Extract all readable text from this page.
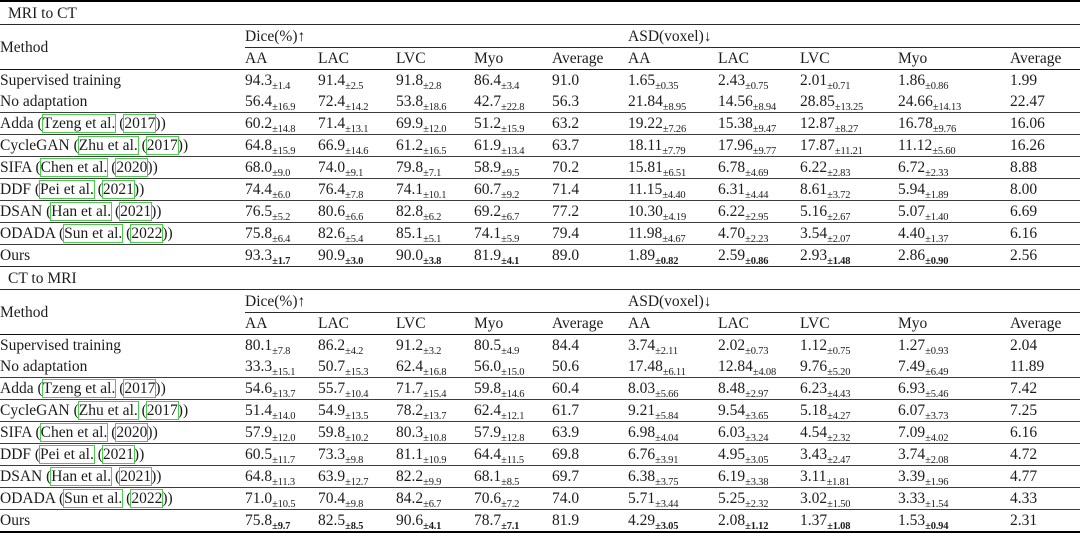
MRI to CT										
Method	Dice(%)↑					ASD(voxel)↓				
	AA	LAC	LVC	Myo	Average	AA	LAC	LVC	Myo	Average
Supervised training	$94.3_{\pm 1.4}$	$91.4_{\pm 2.5}$	$91.8_{\pm 2.8}$	$86.4_{\pm 3.4}$	91.0	$1.65_{\pm 0.35}$	$2.43_{\pm 0.75}$	$2.01_{\pm 0.71}$	$1.86_{\pm 0.86}$	1.99
No adaptation	$56.4_{\pm 16.9}$	$72.4_{\pm 14.2}$	$53.8_{\pm 18.6}$	$42.7_{\pm 22.8}$	56.3	$21.84_{\pm 8.95}$	$14.56_{\pm 8.94}$	$28.85_{\pm 13.25}$	$24.66_{\pm 14.13}$	22.47
Adda (Tzeng et al. (2017))	$60.2_{\pm 14.8}$	$71.4_{\pm 13.1}$	$69.9_{\pm 12.0}$	$51.2_{\pm 15.9}$	63.2	$19.22_{\pm 7.26}$	$15.38_{\pm 9.47}$	$12.87_{\pm 8.27}$	$16.78_{\pm 9.76}$	16.06
CycleGAN (Zhu et al. (2017))	$64.8_{\pm 15.9}$	$66.9_{\pm 14.6}$	$61.2_{\pm 16.5}$	$61.9_{\pm 13.4}$	63.7	$18.11_{\pm 7.79}$	$17.96_{\pm 9.77}$	$17.87_{\pm 11.21}$	$11.12_{\pm 5.60}$	16.26
SIFA (Chen et al. (2020))	$68.0_{\pm 9.0}$	$74.0_{\pm 9.1}$	$79.8_{\pm 7.1}$	$58.9_{\pm 9.5}$	70.2	$15.81_{\pm 6.51}$	$6.78_{\pm 4.69}$	$6.22_{\pm 2.83}$	$6.72_{\pm 2.33}$	8.88
DDF (Pei et al. (2021))	$74.4_{\pm 6.0}$	$76.4_{\pm 7.8}$	$74.1_{\pm 10.1}$	$60.7_{\pm 9.2}$	71.4	$11.15_{\pm 4.40}$	$6.31_{\pm 4.44}$	$8.61_{\pm 3.72}$	$5.94_{\pm 1.89}$	8.00
DSAN (Han et al. (2021))	$76.5_{\pm 5.2}$	$80.6_{\pm 6.6}$	$82.8_{\pm 6.2}$	$69.2_{\pm 6.7}$	77.2	$10.30_{\pm 4.19}$	$6.22_{\pm 2.95}$	$5.16_{\pm 2.67}$	$5.07_{\pm 1.40}$	6.69
ODADA (Sun et al. (2022))	$75.8_{\pm 6.4}$	$82.6_{\pm 5.4}$	$85.1_{\pm 5.1}$	$74.1_{\pm 5.9}$	79.4	$11.98_{\pm 4.67}$	$4.70_{\pm 2.23}$	$3.54_{\pm 2.07}$	$4.40_{\pm 1.37}$	6.16
Ours	$93.3_{\pm 1.7}$	$90.9_{\pm 3.0}$	$90.0_{\pm 3.8}$	$81.9_{\pm 4.1}$	89.0	$1.89_{\pm 0.82}$	$2.59_{\pm 0.86}$	$2.93_{\pm 1.48}$	$2.86_{\pm 0.90}$	2.56
CT to MRI										
Method	Dice(%)↑					ASD(voxel)↓				
	AA	LAC	LVC	Myo	Average	AA	LAC	LVC	Myo	Average
Supervised training	$80.1_{\pm 7.8}$	$86.2_{\pm 4.2}$	$91.2_{\pm 3.2}$	$80.5_{\pm 4.9}$	84.4	$3.74_{\pm 2.11}$	$2.02_{\pm 0.73}$	$1.12_{\pm 0.75}$	$1.27_{\pm 0.93}$	2.04
No adaptation	$33.3_{\pm 15.1}$	$50.7_{\pm 15.3}$	$62.4_{\pm 16.8}$	$56.0_{\pm 15.0}$	50.6	$17.48_{\pm 6.11}$	$12.84_{\pm 4.08}$	$9.76_{\pm 5.20}$	$7.49_{\pm 6.49}$	11.89
Adda (Tzeng et al. (2017))	$54.6_{\pm 13.7}$	$55.7_{\pm 10.4}$	$71.7_{\pm 15.4}$	$59.8_{\pm 14.6}$	60.4	$8.03_{\pm 5.66}$	$8.48_{\pm 2.97}$	$6.23_{\pm 4.43}$	$6.93_{\pm 5.46}$	7.42
CycleGAN (Zhu et al. (2017))	$51.4_{\pm 14.0}$	$54.9_{\pm 13.5}$	$78.2_{\pm 13.7}$	$62.4_{\pm 12.1}$	61.7	$9.21_{\pm 5.84}$	$9.54_{\pm 3.65}$	$5.18_{\pm 4.27}$	$6.07_{\pm 3.73}$	7.25
SIFA (Chen et al. (2020))	$57.9_{\pm 12.0}$	$59.8_{\pm 10.2}$	$80.3_{\pm 10.8}$	$57.9_{\pm 12.8}$	63.9	$6.98_{\pm 4.04}$	$6.03_{\pm 3.24}$	$4.54_{\pm 2.32}$	$7.09_{\pm 4.02}$	6.16
DDF (Pei et al. (2021))	$60.5_{\pm 11.7}$	$73.3_{\pm 9.8}$	$81.1_{\pm 10.9}$	$64.4_{\pm 11.5}$	69.8	$6.76_{\pm 3.91}$	$4.95_{\pm 3.05}$	$3.43_{\pm 2.47}$	$3.74_{\pm 2.08}$	4.72
DSAN (Han et al. (2021))	$64.8_{\pm 11.3}$	$63.9_{\pm 12.7}$	$82.2_{\pm 9.9}$	$68.1_{\pm 8.5}$	69.7	$6.38_{\pm 3.75}$	$6.19_{\pm 3.38}$	$3.11_{\pm 1.81}$	$3.39_{\pm 1.96}$	4.77
ODADA (Sun et al. (2022))	$71.0_{\pm 10.5}$	$70.4_{\pm 9.8}$	$84.2_{\pm 6.7}$	$70.6_{\pm 7.2}$	74.0	$5.71_{\pm 3.44}$	$5.25_{\pm 2.32}$	$3.02_{\pm 1.50}$	$3.33_{\pm 1.54}$	4.33
Ours	$75.8_{\pm 9.7}$	$82.5_{\pm 8.5}$	$90.6_{\pm 4.1}$	$78.7_{\pm 7.1}$	81.9	$4.29_{\pm 3.05}$	$2.08_{\pm 1.12}$	$1.37_{\pm 1.08}$	$1.53_{\pm 0.94}$	2.31
